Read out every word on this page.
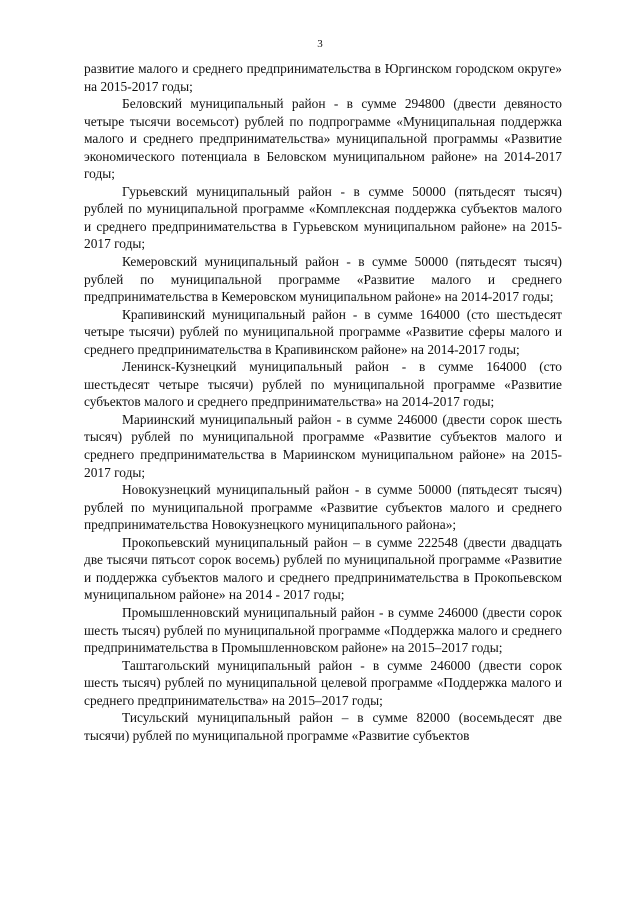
3

развитие малого и среднего предпринимательства в Юргинском городском округе» на 2015-2017 годы;

Беловский муниципальный район - в сумме 294800 (двести девяносто четыре тысячи восемьсот) рублей по подпрограмме «Муниципальная поддержка малого и среднего предпринимательства» муниципальной программы «Развитие экономического потенциала в Беловском муниципальном районе» на 2014-2017 годы;

Гурьевский муниципальный район - в сумме 50000 (пятьдесят тысяч) рублей по муниципальной программе «Комплексная поддержка субъектов малого и среднего предпринимательства в Гурьевском муниципальном районе» на 2015-2017 годы;

Кемеровский муниципальный район - в сумме 50000 (пятьдесят тысяч) рублей по муниципальной программе «Развитие малого и среднего предпринимательства в Кемеровском муниципальном районе» на 2014-2017 годы;

Крапивинский муниципальный район - в сумме 164000 (сто шестьдесят четыре тысячи) рублей по муниципальной программе «Развитие сферы малого и среднего предпринимательства в Крапивинском районе» на 2014-2017 годы;

Ленинск-Кузнецкий муниципальный район - в сумме 164000 (сто шестьдесят четыре тысячи) рублей по муниципальной программе «Развитие субъектов малого и среднего предпринимательства» на 2014-2017 годы;

Мариинский муниципальный район - в сумме 246000 (двести сорок шесть тысяч) рублей по муниципальной программе «Развитие субъектов малого и среднего предпринимательства в Мариинском муниципальном районе» на 2015-2017 годы;

Новокузнецкий муниципальный район - в сумме 50000 (пятьдесят тысяч) рублей по муниципальной программе «Развитие субъектов малого и среднего предпринимательства Новокузнецкого муниципального района»;

Прокопьевский муниципальный район – в сумме 222548 (двести двадцать две тысячи пятьсот сорок восемь) рублей по муниципальной программе «Развитие и поддержка субъектов малого и среднего предпринимательства в Прокопьевском муниципальном районе» на 2014 - 2017 годы;

Промышленновский муниципальный район - в сумме 246000 (двести сорок шесть тысяч) рублей по муниципальной программе «Поддержка малого и среднего предпринимательства в Промышленновском районе» на 2015–2017 годы;

Таштагольский муниципальный район - в сумме 246000 (двести сорок шесть тысяч) рублей по муниципальной целевой программе «Поддержка малого и среднего предпринимательства» на 2015–2017 годы;

Тисульский муниципальный район – в сумме 82000 (восемьдесят две тысячи) рублей по муниципальной программе «Развитие субъектов
